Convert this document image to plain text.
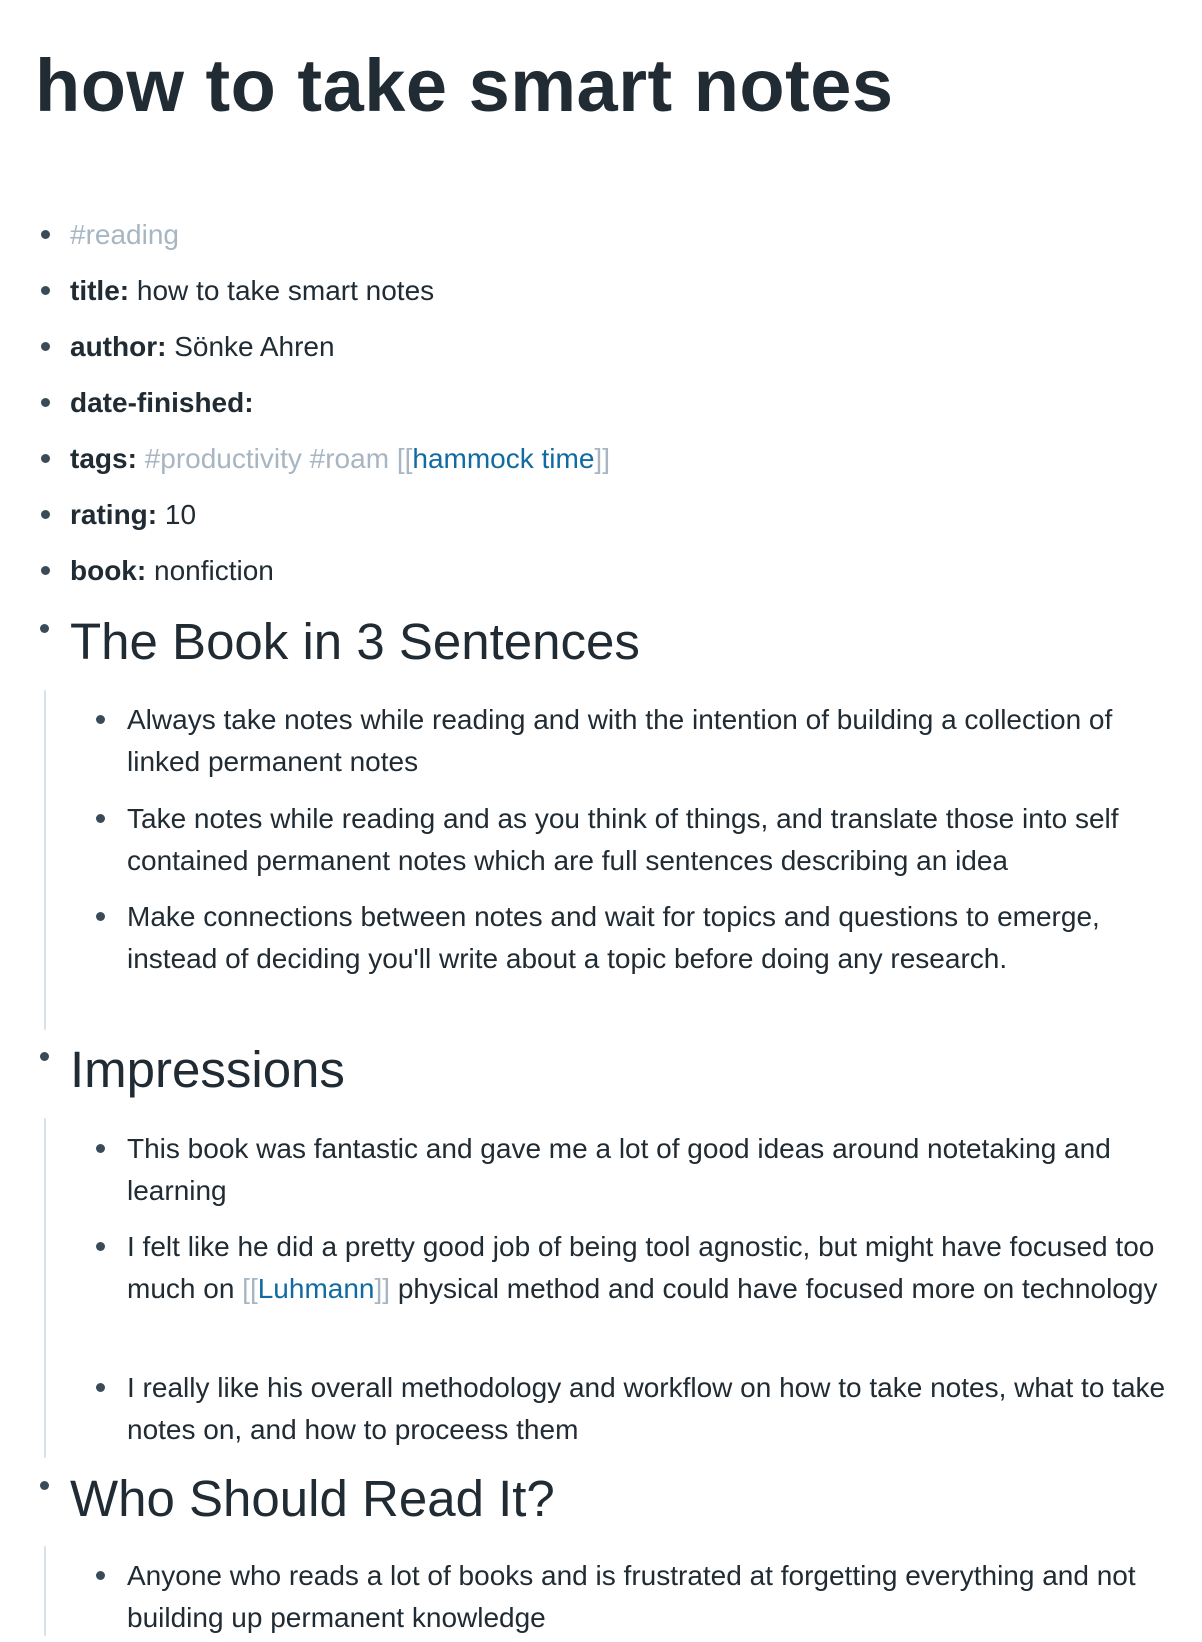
how to take smart notes
#reading
title: how to take smart notes
author: Sönke Ahren
date-finished:
tags: #productivity #roam [[hammock time]]
rating: 10
book: nonfiction
The Book in 3 Sentences
Always take notes while reading and with the intention of building a collection of linked permanent notes
Take notes while reading and as you think of things, and translate those into self contained permanent notes which are full sentences describing an idea
Make connections between notes and wait for topics and questions to emerge, instead of deciding you'll write about a topic before doing any research.
Impressions
This book was fantastic and gave me a lot of good ideas around notetaking and learning
I felt like he did a pretty good job of being tool agnostic, but might have focused too much on [[Luhmann]] physical method and could have focused more on technology
I really like his overall methodology and workflow on how to take notes, what to take notes on, and how to proceess them
Who Should Read It?
Anyone who reads a lot of books and is frustrated at forgetting everything and not building up permanent knowledge
